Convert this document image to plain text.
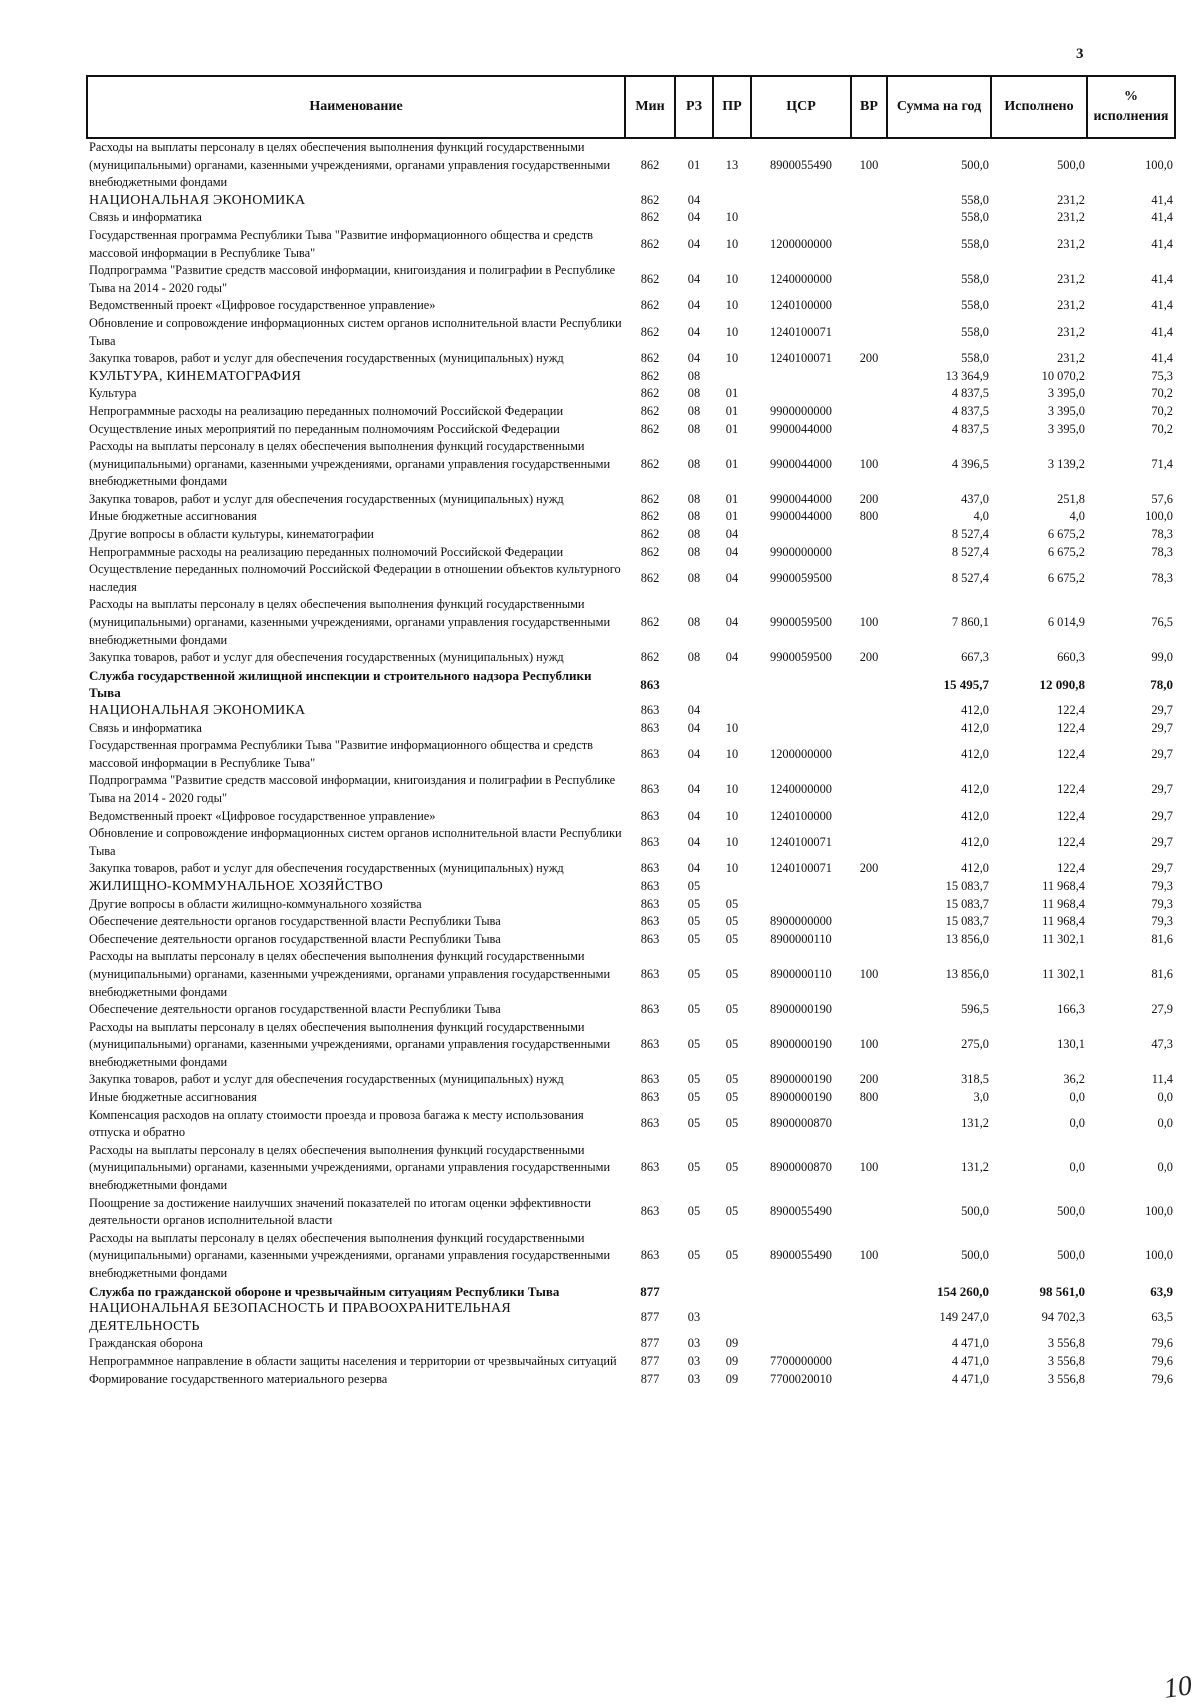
3
Наименование	Мин	РЗ	ПР	ЦСР	ВР	Сумма на год	Исполнено	% исполнения
Расходы на выплаты персоналу в целях обеспечения выполнения функций государственными (муниципальными) органами, казенными учреждениями, органами управления государственными внебюджетными фондами	862	01	13	8900055490	100	500,0	500,0	100,0
НАЦИОНАЛЬНАЯ ЭКОНОМИКА	862	04				558,0	231,2	41,4
Связь и информатика	862	04	10			558,0	231,2	41,4
Государственная программа Республики Тыва "Развитие информационного общества и средств массовой информации в Республике Тыва"	862	04	10	1200000000		558,0	231,2	41,4
Подпрограмма "Развитие средств массовой информации, книгоиздания и полиграфии в Республике Тыва на 2014 - 2020 годы"	862	04	10	1240000000		558,0	231,2	41,4
Ведомственный проект «Цифровое государственное управление»	862	04	10	1240100000		558,0	231,2	41,4
Обновление и сопровождение информационных систем органов исполнительной власти Республики Тыва	862	04	10	1240100071		558,0	231,2	41,4
Закупка товаров, работ и услуг для обеспечения государственных (муниципальных) нужд	862	04	10	1240100071	200	558,0	231,2	41,4
КУЛЬТУРА, КИНЕМАТОГРАФИЯ	862	08				13 364,9	10 070,2	75,3
Культура	862	08	01			4 837,5	3 395,0	70,2
Непрограммные расходы на реализацию переданных полномочий Российской Федерации	862	08	01	9900000000		4 837,5	3 395,0	70,2
Осуществление иных мероприятий по переданным полномочиям Российской Федерации	862	08	01	9900044000		4 837,5	3 395,0	70,2
Расходы на выплаты персоналу в целях обеспечения выполнения функций государственными (муниципальными) органами, казенными учреждениями, органами управления государственными внебюджетными фондами	862	08	01	9900044000	100	4 396,5	3 139,2	71,4
Закупка товаров, работ и услуг для обеспечения государственных (муниципальных) нужд	862	08	01	9900044000	200	437,0	251,8	57,6
Иные бюджетные ассигнования	862	08	01	9900044000	800	4,0	4,0	100,0
Другие вопросы в области культуры, кинематографии	862	08	04			8 527,4	6 675,2	78,3
Непрограммные расходы на реализацию переданных полномочий Российской Федерации	862	08	04	9900000000		8 527,4	6 675,2	78,3
Осуществление переданных полномочий Российской Федерации в отношении объектов культурного наследия	862	08	04	9900059500		8 527,4	6 675,2	78,3
Расходы на выплаты персоналу в целях обеспечения выполнения функций государственными (муниципальными) органами, казенными учреждениями, органами управления государственными внебюджетными фондами	862	08	04	9900059500	100	7 860,1	6 014,9	76,5
Закупка товаров, работ и услуг для обеспечения государственных (муниципальных) нужд	862	08	04	9900059500	200	667,3	660,3	99,0
Служба государственной жилищной инспекции и строительного надзора Республики Тыва	863					15 495,7	12 090,8	78,0
НАЦИОНАЛЬНАЯ ЭКОНОМИКА	863	04				412,0	122,4	29,7
Связь и информатика	863	04	10			412,0	122,4	29,7
Государственная программа Республики Тыва "Развитие информационного общества и средств массовой информации в Республике Тыва"	863	04	10	1200000000		412,0	122,4	29,7
Подпрограмма "Развитие средств массовой информации, книгоиздания и полиграфии в Республике Тыва на 2014 - 2020 годы"	863	04	10	1240000000		412,0	122,4	29,7
Ведомственный проект «Цифровое государственное управление»	863	04	10	1240100000		412,0	122,4	29,7
Обновление и сопровождение информационных систем органов исполнительной власти Республики Тыва	863	04	10	1240100071		412,0	122,4	29,7
Закупка товаров, работ и услуг для обеспечения государственных (муниципальных) нужд	863	04	10	1240100071	200	412,0	122,4	29,7
ЖИЛИЩНО-КОММУНАЛЬНОЕ ХОЗЯЙСТВО	863	05				15 083,7	11 968,4	79,3
Другие вопросы в области жилищно-коммунального хозяйства	863	05	05			15 083,7	11 968,4	79,3
Обеспечение деятельности органов государственной власти Республики Тыва	863	05	05	8900000000		15 083,7	11 968,4	79,3
Обеспечение деятельности органов государственной власти Республики Тыва	863	05	05	8900000110		13 856,0	11 302,1	81,6
Расходы на выплаты персоналу в целях обеспечения выполнения функций государственными (муниципальными) органами, казенными учреждениями, органами управления государственными внебюджетными фондами	863	05	05	8900000110	100	13 856,0	11 302,1	81,6
Обеспечение деятельности органов государственной власти Республики Тыва	863	05	05	8900000190		596,5	166,3	27,9
Расходы на выплаты персоналу в целях обеспечения выполнения функций государственными (муниципальными) органами, казенными учреждениями, органами управления государственными внебюджетными фондами	863	05	05	8900000190	100	275,0	130,1	47,3
Закупка товаров, работ и услуг для обеспечения государственных (муниципальных) нужд	863	05	05	8900000190	200	318,5	36,2	11,4
Иные бюджетные ассигнования	863	05	05	8900000190	800	3,0	0,0	0,0
Компенсация расходов на оплату стоимости проезда и провоза багажа к месту использования отпуска и обратно	863	05	05	8900000870		131,2	0,0	0,0
Расходы на выплаты персоналу в целях обеспечения выполнения функций государственными (муниципальными) органами, казенными учреждениями, органами управления государственными внебюджетными фондами	863	05	05	8900000870	100	131,2	0,0	0,0
Поощрение за достижение наилучших значений показателей по итогам оценки эффективности деятельности органов исполнительной власти	863	05	05	8900055490		500,0	500,0	100,0
Расходы на выплаты персоналу в целях обеспечения выполнения функций государственными (муниципальными) органами, казенными учреждениями, органами управления государственными внебюджетными фондами	863	05	05	8900055490	100	500,0	500,0	100,0
Служба по гражданской обороне и чрезвычайным ситуациям Республики Тыва	877					154 260,0	98 561,0	63,9
НАЦИОНАЛЬНАЯ БЕЗОПАСНОСТЬ И ПРАВООХРАНИТЕЛЬНАЯ ДЕЯТЕЛЬНОСТЬ	877	03				149 247,0	94 702,3	63,5
Гражданская оборона	877	03	09			4 471,0	3 556,8	79,6
Непрограммное направление в области защиты населения и территории от чрезвычайных ситуаций	877	03	09	7700000000		4 471,0	3 556,8	79,6
Формирование государственного материального резерва	877	03	09	7700020010		4 471,0	3 556,8	79,6
10
